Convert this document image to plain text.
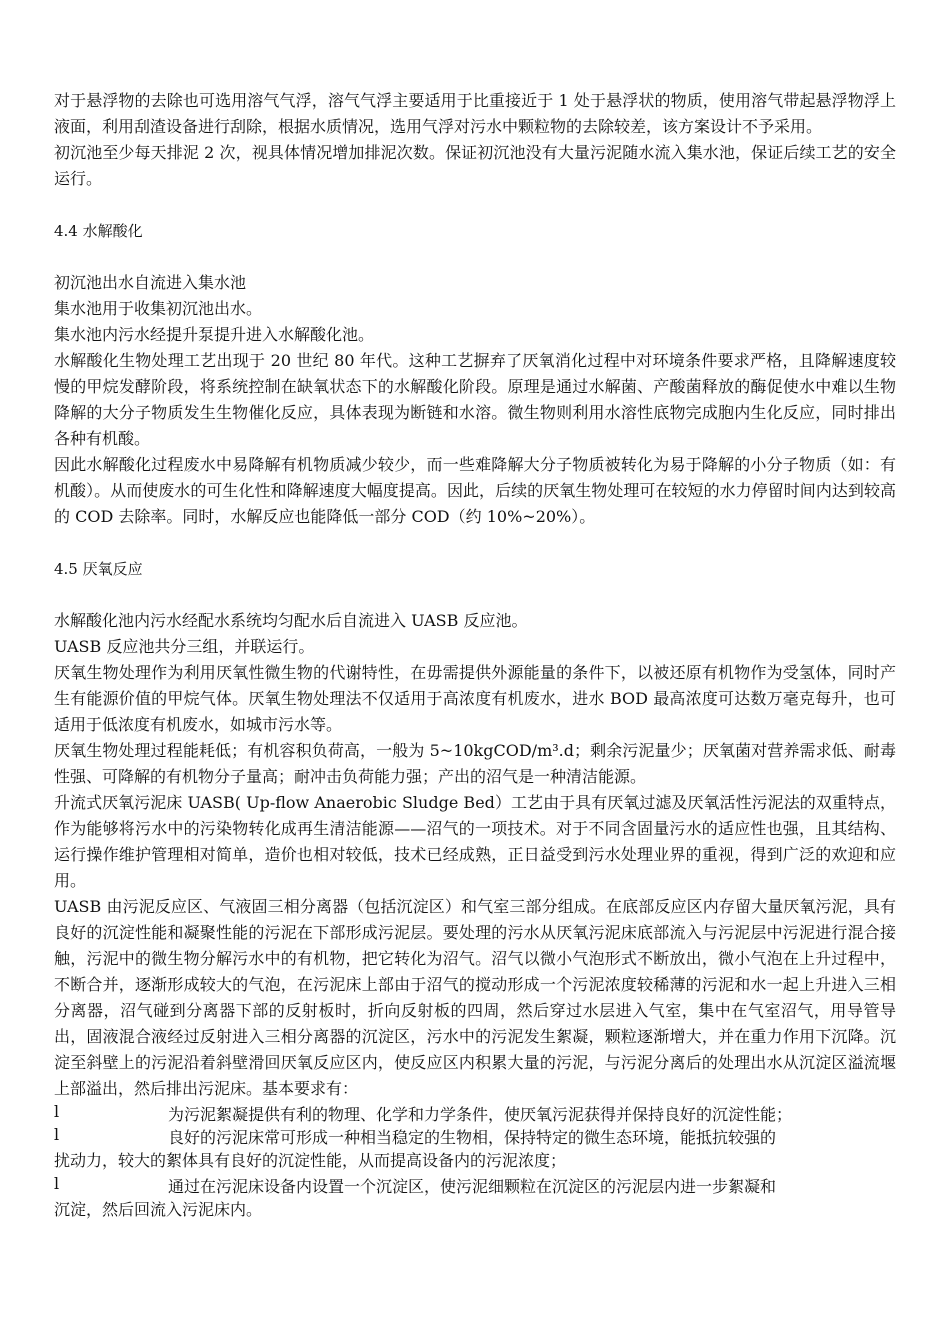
对于悬浮物的去除也可选用溶气气浮，溶气气浮主要适用于比重接近于 1 处于悬浮状的物质，使用溶气带起悬浮物浮上液面，利用刮渣设备进行刮除，根据水质情况，选用气浮对污水中颗粒物的去除较差，该方案设计不予采用。

初沉池至少每天排泥 2 次，视具体情况增加排泥次数。保证初沉池没有大量污泥随水流入集水池，保证后续工艺的安全运行。

4.4 水解酸化

初沉池出水自流进入集水池

集水池用于收集初沉池出水。

集水池内污水经提升泵提升进入水解酸化池。

水解酸化生物处理工艺出现于 20 世纪 80 年代。这种工艺摒弃了厌氧消化过程中对环境条件要求严格，且降解速度较慢的甲烷发酵阶段，将系统控制在缺氧状态下的水解酸化阶段。原理是通过水解菌、产酸菌释放的酶促使水中难以生物降解的大分子物质发生生物催化反应，具体表现为断链和水溶。微生物则利用水溶性底物完成胞内生化反应，同时排出各种有机酸。

因此水解酸化过程废水中易降解有机物质减少较少，而一些难降解大分子物质被转化为易于降解的小分子物质（如：有机酸）。从而使废水的可生化性和降解速度大幅度提高。因此，后续的厌氧生物处理可在较短的水力停留时间内达到较高的 COD 去除率。同时，水解反应也能降低一部分 COD（约 10%~20%）。

4.5 厌氧反应

水解酸化池内污水经配水系统均匀配水后自流进入 UASB 反应池。

UASB 反应池共分三组，并联运行。

厌氧生物处理作为利用厌氧性微生物的代谢特性，在毋需提供外源能量的条件下，以被还原有机物作为受氢体，同时产生有能源价值的甲烷气体。厌氧生物处理法不仅适用于高浓度有机废水，进水 BOD 最高浓度可达数万毫克每升，也可适用于低浓度有机废水，如城市污水等。

厌氧生物处理过程能耗低；有机容积负荷高，一般为 5~10kgCOD/m³.d；剩余污泥量少；厌氧菌对营养需求低、耐毒性强、可降解的有机物分子量高；耐冲击负荷能力强；产出的沼气是一种清洁能源。

升流式厌氧污泥床 UASB( Up-flow Anaerobic Sludge Bed）工艺由于具有厌氧过滤及厌氧活性污泥法的双重特点，作为能够将污水中的污染物转化成再生清洁能源——沼气的一项技术。对于不同含固量污水的适应性也强，且其结构、运行操作维护管理相对简单，造价也相对较低，技术已经成熟，正日益受到污水处理业界的重视，得到广泛的欢迎和应用。

UASB 由污泥反应区、气液固三相分离器（包括沉淀区）和气室三部分组成。在底部反应区内存留大量厌氧污泥，具有良好的沉淀性能和凝聚性能的污泥在下部形成污泥层。要处理的污水从厌氧污泥床底部流入与污泥层中污泥进行混合接触，污泥中的微生物分解污水中的有机物，把它转化为沼气。沼气以微小气泡形式不断放出，微小气泡在上升过程中，不断合并，逐渐形成较大的气泡，在污泥床上部由于沼气的搅动形成一个污泥浓度较稀薄的污泥和水一起上升进入三相分离器，沼气碰到分离器下部的反射板时，折向反射板的四周，然后穿过水层进入气室，集中在气室沼气，用导管导出，固液混合液经过反射进入三相分离器的沉淀区，污水中的污泥发生絮凝，颗粒逐渐增大，并在重力作用下沉降。沉淀至斜壁上的污泥沿着斜壁滑回厌氧反应区内，使反应区内积累大量的污泥，与污泥分离后的处理出水从沉淀区溢流堰上部溢出，然后排出污泥床。基本要求有：

l	为污泥絮凝提供有利的物理、化学和力学条件，使厌氧污泥获得并保持良好的沉淀性能；
l	良好的污泥床常可形成一种相当稳定的生物相，保持特定的微生态环境，能抵抗较强的

扰动力，较大的絮体具有良好的沉淀性能，从而提高设备内的污泥浓度；

l	通过在污泥床设备内设置一个沉淀区，使污泥细颗粒在沉淀区的污泥层内进一步絮凝和

沉淀，然后回流入污泥床内。
